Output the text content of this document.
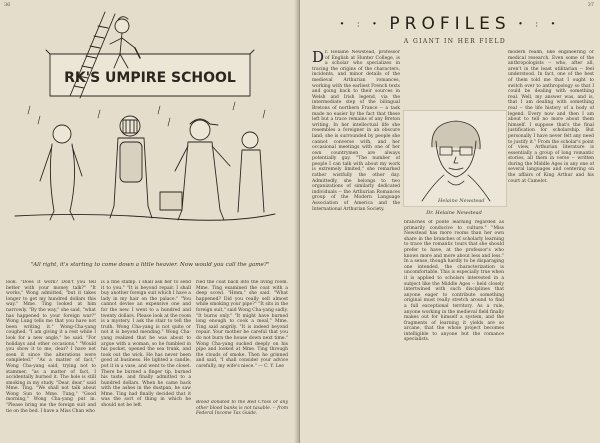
36
RK'S UMPIRE SCHOOL
"All right, it's starting to come down a little heavier. Now would you call the game?"

look. "Does it work? Don't you tell better with your money talk?" "It works," Wong admitted, "but it takes longer to get my hundred dollars this way." Mme. Ting looked at him narrowly. "By the way," she said, "what has happened to your foreign war?" Wong Lung tells me that you have not been writing it." Wong-Cha-yang coughed. "I am giving it a rest while I look for a new angle," he said. "For holidays and other occasions." "Would you show it to me, dear? I have not seen it since the alterations were completed." "As a matter of fact," Wong Cha-yang said, trying not to stammer, "as a matter of fact, I accidentally burned it. The hole is still smoking in my study. "Dear, dear," said Mme. Ting. "We shall not talk about Wong Sun to Mme. Tung," "Good morning," Wong Cha-yang put in. "Please bring me the foreign suit and tie on the bed. I have a Miss Chan who

is a fine stamp. I shall ask her to send it to you." "It is beyond repair. I shall buy another foreign suit which I have a lady in my hair on the palace." "You cannot devise an expensive one and for the new. I went to a hundred and twenty dollars. Please look at the room is a mystery. I ask the stair to tell the truth. Wong Cha-yang is not quite or not it is beyond mending." Wong Cha-yang realized that he was about to argue with a woman, so he fumbled in his pocket, opened the sea trunk, and took out the wick. He has never been good at business. He lighted a candle, put it in a vase, and went to the closet. There he burned a finger tip, burned his taste, and finally admitted to a hundred dollars. When he came back with the ashes in the dustpan, he saw Mme. Ting had finally decided that it was the sort of thing in which he should not be left.

ried the coat back into the living room. Mme. Ting examined the coat with a deep scowl. "Hmm," she said. "What happened? Did you really sell almost while smoking your pipe?" "It sits in the foreign suit," said Wong Cha-yang sadly. "It burns only." "It might have burned long enough to cook a meal," Mme. Ting said angrily. "It is indeed beyond repair. Your mother be careful that you do not burn the house down next time." Wong Cha-yang sucked deeply on his pipe and looked at Mme. Ting through the clouds of smoke. Then he grinned and said, "I shall consider your advice carefully, my wife's niece." — C. Y. Lee

Blood donated to the Red Cross or any other blood banks is not taxable. -- from Federal Income Tax Guide.

37
• : • PROFILES • : •
A GIANT IN HER FIELD
Dr. Helaine Newstead, professor of English at Hunter College, is a scholar who specializes in tracing the origins of the characters, incidents, and minor details of the medieval Arthurian romances, working with the earliest French texts and going back to their sources in Welsh and Irish legend, via the intermediate step of the bilingual Bretons of northern France -- a task made no easier by the fact that these left but a trace remains of any Breton writing. In her intellectual life she resembles a foreigner in an obscure land; she is surrounded by people she cannot converse with, and her occasional meetings with one of her own countrymen are always potentially gay. "The number of people I can talk with about my work is extremely limited," she remarked rather wistfully the other day. Admittedly, she belongs to two organizations of similarly dedicated individuals -- the Arthurian Romances group of the Modern Language Association of America and the International Arthurian Society.

Helaine Newstead
Dr. Helaine Newstead

branches of polite learning regarded as primarily conducive to culture." "Miss Newstead has more rooms than her own share in the branches of scholarly learning to trace the romantic tours that she should prefer to have, at the professor's who knows more and more about less and less." In a sense, though hardly to be disparaging one intended, the characterization is uncomfortable. This is especially true when it is applied to scholars interested in a subject like the Middle Ages -- held closely intertwined with such disciplines that anyone eager to contribute something original must really stretch around to find a full exceptional territory. As a rule, anyone working in the medieval field finally makes out for himself a system, and the fragments of learning it yields are so arcane, that the whole project becomes intelligible to anyone but the romance specialists.

modern realm, like engineering or medical research. Even some of the anthropologists -- who, after all, aren't in the least utilitarian -- feel understood. In fact, one of the best of them told me that I ought to switch over to anthropology so that I could be dealing with something real. Well, my answer was, and is, that I am dealing with something real -- the life history of a body of legend. Every now and then I am about to tell no more about them himself. I suppose that's the final justification for scholarship. But personally I have never felt any need to justify it." From the scholar's point of view, Arthurian literature is essentially a group of long romantic stories, all them in verse -- written during the Middle Ages in any one of several languages and centering on the affairs of King Arthur and his court at Camelot.
